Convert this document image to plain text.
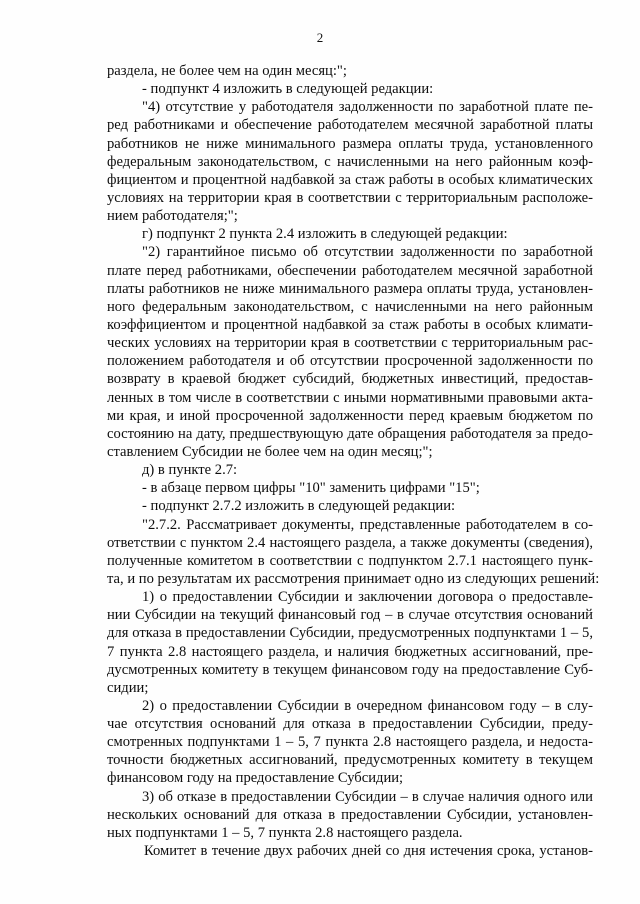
2
раздела, не более чем на один месяц:";
- подпункт 4 изложить в следующей редакции:
"4) отсутствие у работодателя задолженности по заработной плате пе-
ред работниками и обеспечение работодателем месячной заработной платы
работников не ниже минимального размера оплаты труда, установленного
федеральным законодательством, с начисленными на него районным коэф-
фициентом и процентной надбавкой за стаж работы в особых климатических
условиях на территории края в соответствии с территориальным расположе-
нием работодателя;";
г) подпункт 2 пункта 2.4 изложить в следующей редакции:
"2) гарантийное письмо об отсутствии задолженности по заработной
плате перед работниками, обеспечении работодателем месячной заработной
платы работников не ниже минимального размера оплаты труда, установлен-
ного федеральным законодательством, с начисленными на него районным
коэффициентом и процентной надбавкой за стаж работы в особых климати-
ческих условиях на территории края в соответствии с территориальным рас-
положением работодателя и об отсутствии просроченной задолженности по
возврату в краевой бюджет субсидий, бюджетных инвестиций, предостав-
ленных в том числе в соответствии с иными нормативными правовыми акта-
ми края, и иной просроченной задолженности перед краевым бюджетом по
состоянию на дату, предшествующую дате обращения работодателя за предо-
ставлением Субсидии не более чем на один месяц;";
д) в пункте 2.7:
- в абзаце первом цифры "10" заменить цифрами "15";
- подпункт 2.7.2 изложить в следующей редакции:
"2.7.2. Рассматривает документы, представленные работодателем в со-
ответствии с пунктом 2.4 настоящего раздела, а также документы (сведения),
полученные комитетом в соответствии с подпунктом 2.7.1 настоящего пунк-
та, и по результатам их рассмотрения принимает одно из следующих решений:
1) о предоставлении Субсидии и заключении договора о предоставле-
нии Субсидии на текущий финансовый год – в случае отсутствия оснований
для отказа в предоставлении Субсидии, предусмотренных подпунктами 1 – 5,
7 пункта 2.8 настоящего раздела, и наличия бюджетных ассигнований, пре-
дусмотренных комитету в текущем финансовом году на предоставление Суб-
сидии;
2) о предоставлении Субсидии в очередном финансовом году – в слу-
чае отсутствия оснований для отказа в предоставлении Субсидии, преду-
смотренных подпунктами 1 – 5, 7 пункта 2.8 настоящего раздела, и недоста-
точности бюджетных ассигнований, предусмотренных комитету в текущем
финансовом году на предоставление Субсидии;
3) об отказе в предоставлении Субсидии – в случае наличия одного или
нескольких оснований для отказа в предоставлении Субсидии, установлен-
ных подпунктами 1 – 5, 7 пункта 2.8 настоящего раздела.
Комитет в течение двух рабочих дней со дня истечения срока, установ-
